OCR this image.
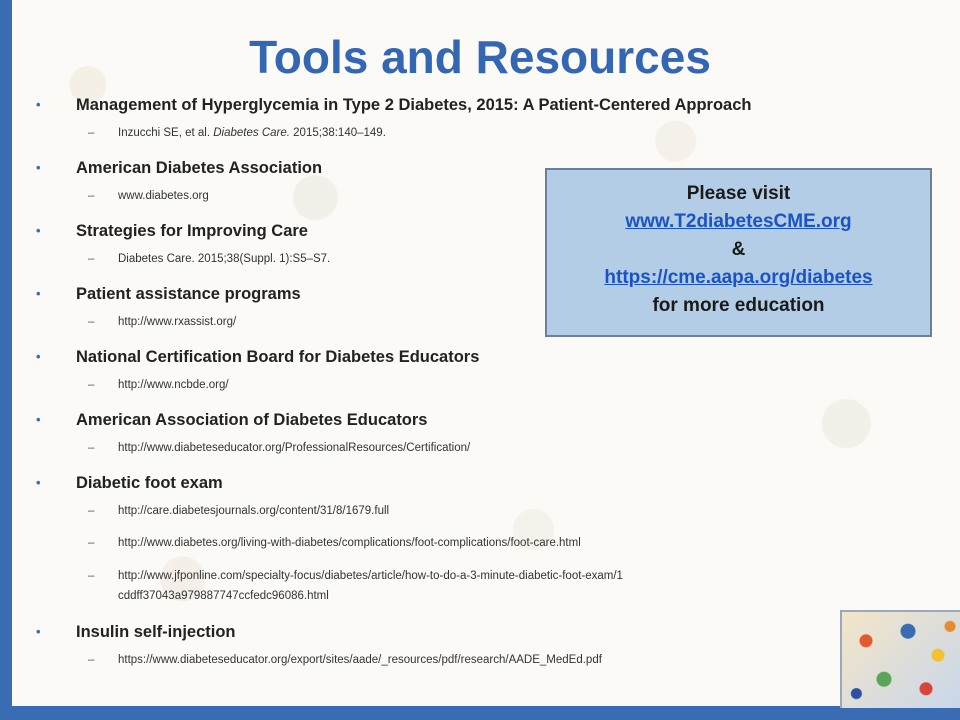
Tools and Resources
• Management of Hyperglycemia in Type 2 Diabetes, 2015: A Patient-Centered Approach
– Inzucchi SE, et al. Diabetes Care. 2015;38:140–149.
• American Diabetes Association
– www.diabetes.org
• Strategies for Improving Care
– Diabetes Care. 2015;38(Suppl. 1):S5–S7.
• Patient assistance programs
– http://www.rxassist.org/
• National Certification Board for Diabetes Educators
– http://www.ncbde.org/
• American Association of Diabetes Educators
– http://www.diabeteseducator.org/ProfessionalResources/Certification/
• Diabetic foot exam
– http://care.diabetesjournals.org/content/31/8/1679.full
– http://www.diabetes.org/living-with-diabetes/complications/foot-complications/foot-care.html
– http://www.jfponline.com/specialty-focus/diabetes/article/how-to-do-a-3-minute-diabetic-foot-exam/1cddff37043a979887747ccfedc96086.html
• Insulin self-injection
– https://www.diabeteseducator.org/export/sites/aade/_resources/pdf/research/AADE_MedEd.pdf
Please visit
www.T2diabetesCME.org
&
https://cme.aapa.org/diabetes
for more education
